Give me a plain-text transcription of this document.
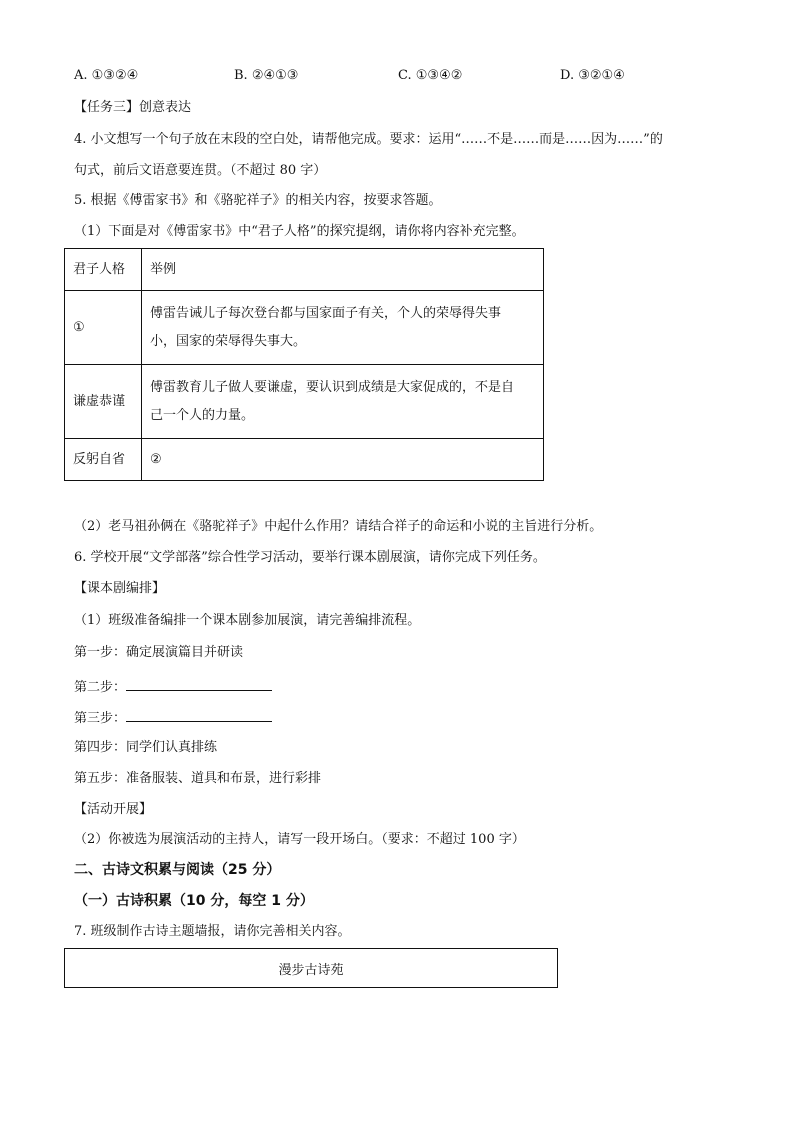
A. ①③②④	B. ②④①③	C. ①③④②	D. ③②①④
【任务三】创意表达
4. 小文想写一个句子放在末段的空白处，请帮他完成。要求：运用“……不是……而是……因为……”的
句式，前后文语意要连贯。（不超过 80 字）
5. 根据《傅雷家书》和《骆驼祥子》的相关内容，按要求答题。
（1）下面是对《傅雷家书》中“君子人格”的探究提纲，请你将内容补充完整。
君子人格	举例
①	傅雷告诫儿子每次登台都与国家面子有关，个人的荣辱得失事
小，国家的荣辱得失事大。

谦虚恭谨	傅雷教育儿子做人要谦虚，要认识到成绩是大家促成的，不是自
己一个人的力量。

反躬自省	②
（2）老马祖孙俩在《骆驼祥子》中起什么作用？请结合祥子的命运和小说的主旨进行分析。
6. 学校开展“文学部落”综合性学习活动，要举行课本剧展演，请你完成下列任务。
【课本剧编排】
（1）班级准备编排一个课本剧参加展演，请完善编排流程。
第一步：确定展演篇目并研读
第二步：
第三步：
第四步：同学们认真排练
第五步：准备服装、道具和布景，进行彩排
【活动开展】
（2）你被选为展演活动的主持人，请写一段开场白。（要求：不超过 100 字）
二、古诗文积累与阅读（25 分）
（一）古诗积累（10 分，每空 1 分）
7. 班级制作古诗主题墙报，请你完善相关内容。
漫步古诗苑
